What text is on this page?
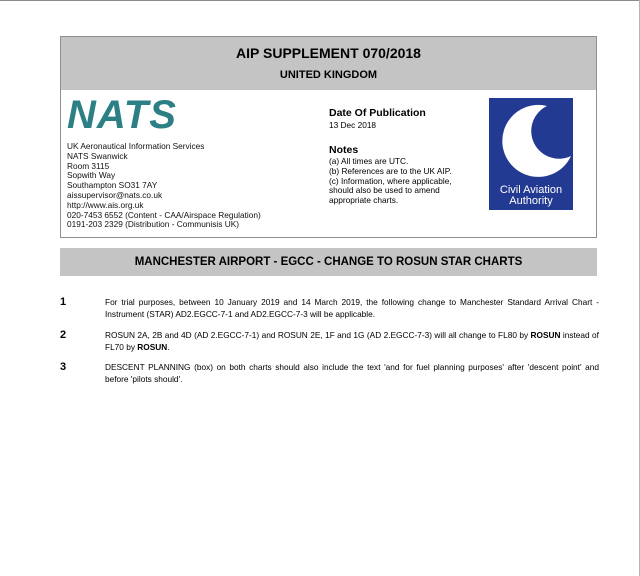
AIP SUPPLEMENT 070/2018
UNITED KINGDOM
NATS
UK Aeronautical Information Services
NATS Swanwick
Room 3115
Sopwith Way
Southampton SO31 7AY
aissupervisor@nats.co.uk
http://www.ais.org.uk
020-7453 6552 (Content - CAA/Airspace Regulation)
0191-203 2329 (Distribution - Communisis UK)
Date Of Publication
13 Dec 2018
Notes
(a) All times are UTC.
(b) References are to the UK AIP.
(c) Information, where applicable,
should also be used to amend
appropriate charts.
Civil Aviation
Authority
MANCHESTER AIRPORT - EGCC - CHANGE TO ROSUN STAR CHARTS
1	For trial purposes, between 10 January 2019 and 14 March 2019, the following change to Manchester Standard Arrival Chart - Instrument (STAR) AD2.EGCC-7-1 and AD2.EGCC-7-3 will be applicable.
2	ROSUN 2A, 2B and 4D (AD 2.EGCC-7-1) and ROSUN 2E, 1F and 1G (AD 2.EGCC-7-3) will all change to FL80 by ROSUN instead of FL70 by ROSUN.
3	DESCENT PLANNING (box) on both charts should also include the text 'and for fuel planning purposes' after 'descent point' and before 'pilots should'.
